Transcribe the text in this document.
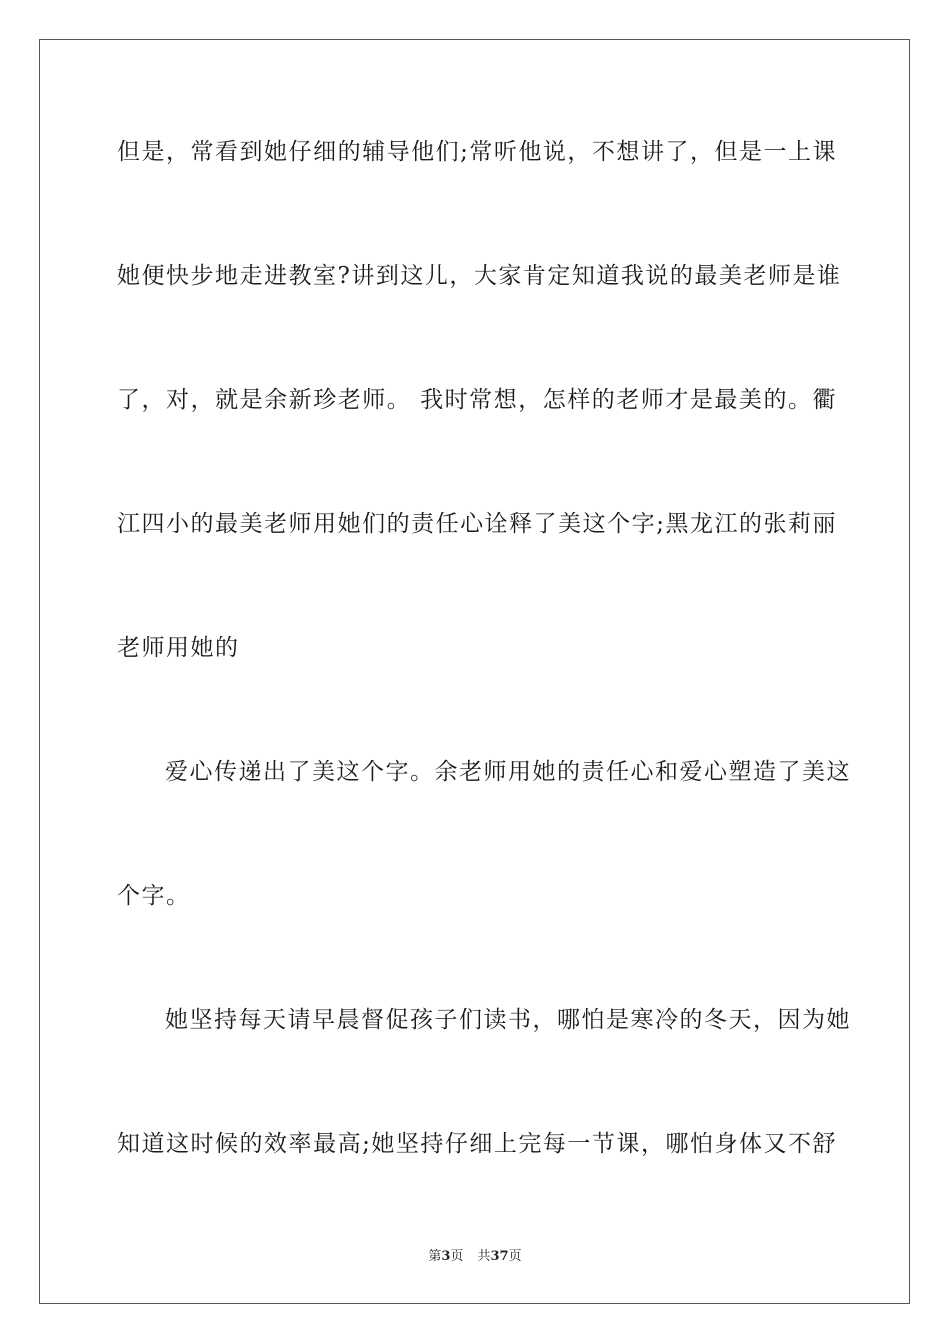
但是，常看到她仔细的辅导他们;常听他说，不想讲了，但是一上课
她便快步地走进教室?讲到这儿，大家肯定知道我说的最美老师是谁
了，对，就是余新珍老师。 我时常想，怎样的老师才是最美的。衢
江四小的最美老师用她们的责任心诠释了美这个字;黑龙江的张莉丽
老师用她的
爱心传递出了美这个字。余老师用她的责任心和爱心塑造了美这
个字。
她坚持每天请早晨督促孩子们读书，哪怕是寒冷的冬天，因为她
知道这时候的效率最高;她坚持仔细上完每一节课，哪怕身体又不舒
第3页 共37页
